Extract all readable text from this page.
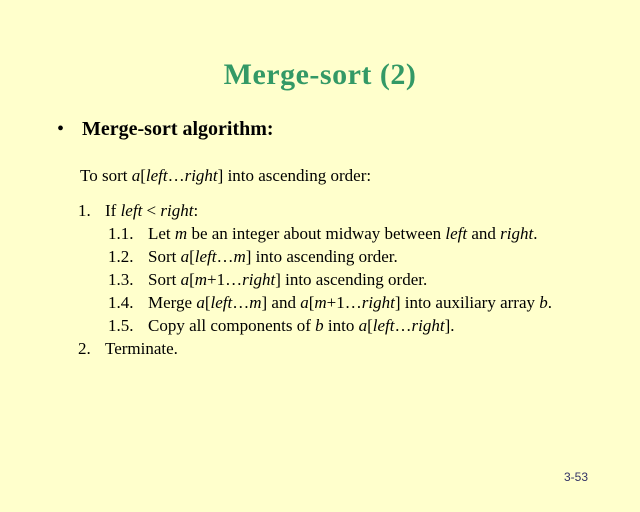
Merge-sort (2)
• Merge-sort algorithm:
To sort a[left…right] into ascending order:
1. If left < right:
1.1. Let m be an integer about midway between left and right.
1.2. Sort a[left…m] into ascending order.
1.3. Sort a[m+1…right] into ascending order.
1.4. Merge a[left…m] and a[m+1…right] into auxiliary array b.
1.5. Copy all components of b into a[left…right].
2. Terminate.
3-53
